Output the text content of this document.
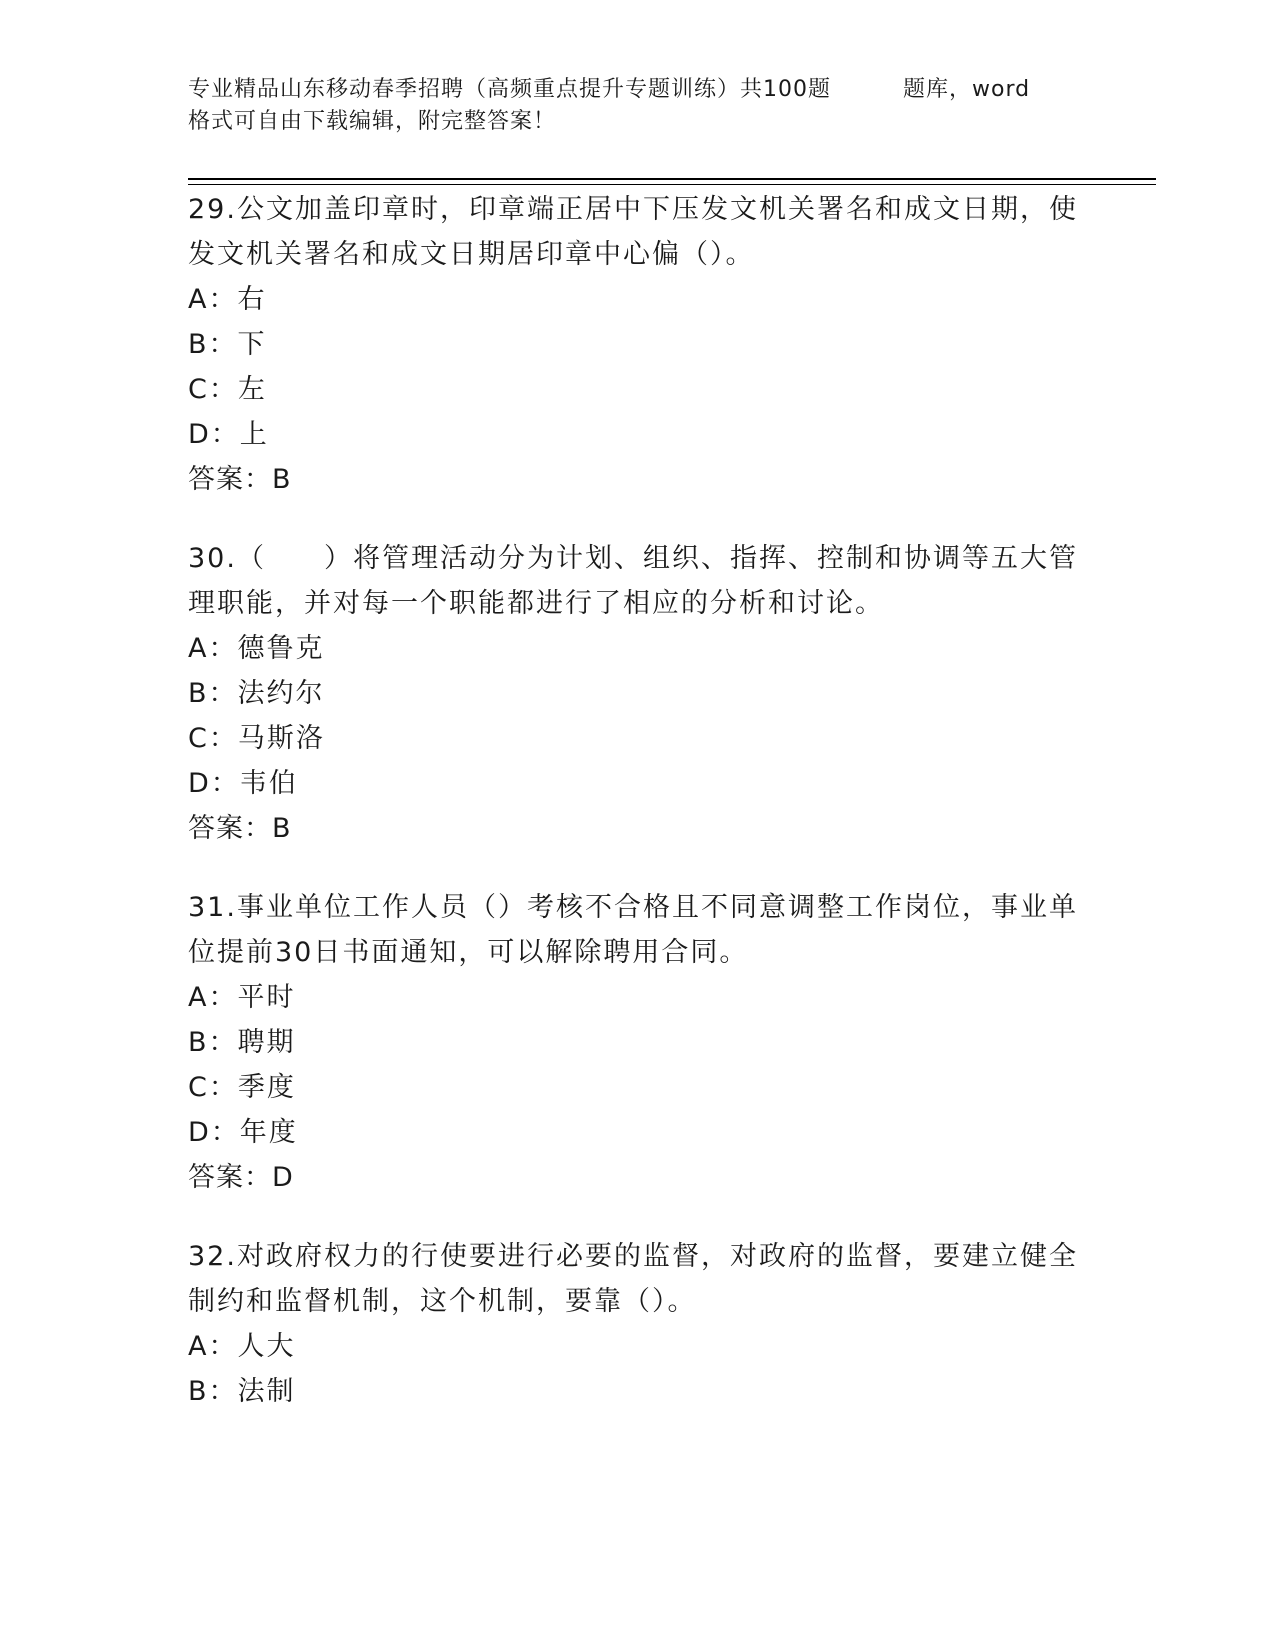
专业精品山东移动春季招聘（高频重点提升专题训练）共100题	题库，word
格式可自由下载编辑，附完整答案！
29.公文加盖印章时，印章端正居中下压发文机关署名和成文日期，使
发文机关署名和成文日期居印章中心偏（）。
A：右
B：下
C：左
D：上
答案：B
30.（　　）将管理活动分为计划、组织、指挥、控制和协调等五大管
理职能，并对每一个职能都进行了相应的分析和讨论。
A：德鲁克
B：法约尔
C：马斯洛
D：韦伯
答案：B
31.事业单位工作人员（）考核不合格且不同意调整工作岗位，事业单
位提前30日书面通知，可以解除聘用合同。
A：平时
B：聘期
C：季度
D：年度
答案：D
32.对政府权力的行使要进行必要的监督，对政府的监督，要建立健全
制约和监督机制，这个机制，要靠（）。
A：人大
B：法制
